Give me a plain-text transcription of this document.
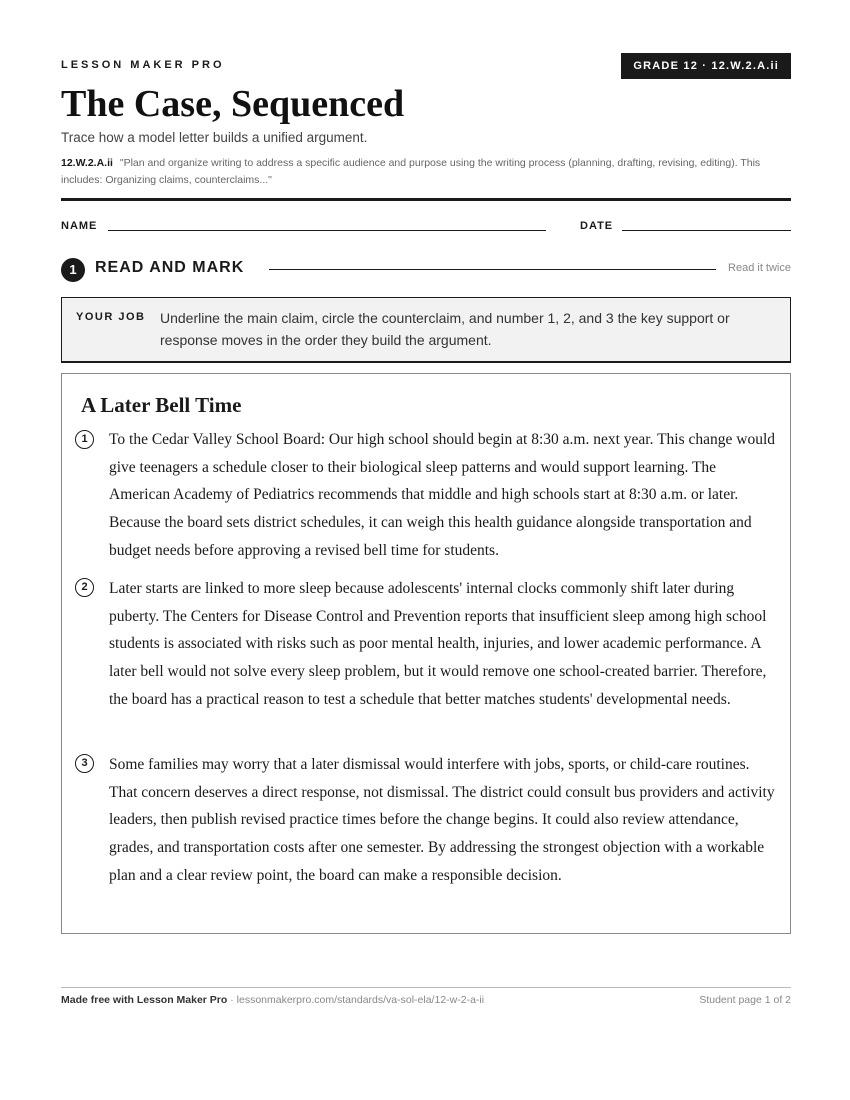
LESSON MAKER PRO	GRADE 12 · 12.W.2.A.ii
The Case, Sequenced
Trace how a model letter builds a unified argument.
12.W.2.A.ii "Plan and organize writing to address a specific audience and purpose using the writing process (planning, drafting, revising, editing). This includes: Organizing claims, counterclaims..."
NAME	DATE
1	READ AND MARK	Read it twice
YOUR JOB Underline the main claim, circle the counterclaim, and number 1, 2, and 3 the key support or response moves in the order they build the argument.
A Later Bell Time
1	To the Cedar Valley School Board: Our high school should begin at 8:30 a.m. next year. This change would give teenagers a schedule closer to their biological sleep patterns and would support learning. The American Academy of Pediatrics recommends that middle and high schools start at 8:30 a.m. or later. Because the board sets district schedules, it can weigh this health guidance alongside transportation and budget needs before approving a revised bell time for students.
2	Later starts are linked to more sleep because adolescents' internal clocks commonly shift later during puberty. The Centers for Disease Control and Prevention reports that insufficient sleep among high school students is associated with risks such as poor mental health, injuries, and lower academic performance. A later bell would not solve every sleep problem, but it would remove one school-created barrier. Therefore, the board has a practical reason to test a schedule that better matches students' developmental needs.
3	Some families may worry that a later dismissal would interfere with jobs, sports, or child-care routines. That concern deserves a direct response, not dismissal. The district could consult bus providers and activity leaders, then publish revised practice times before the change begins. It could also review attendance, grades, and transportation costs after one semester. By addressing the strongest objection with a workable plan and a clear review point, the board can make a responsible decision.
Made free with Lesson Maker Pro · lessonmakerpro.com/standards/va-sol-ela/12-w-2-a-ii	Student page 1 of 2
